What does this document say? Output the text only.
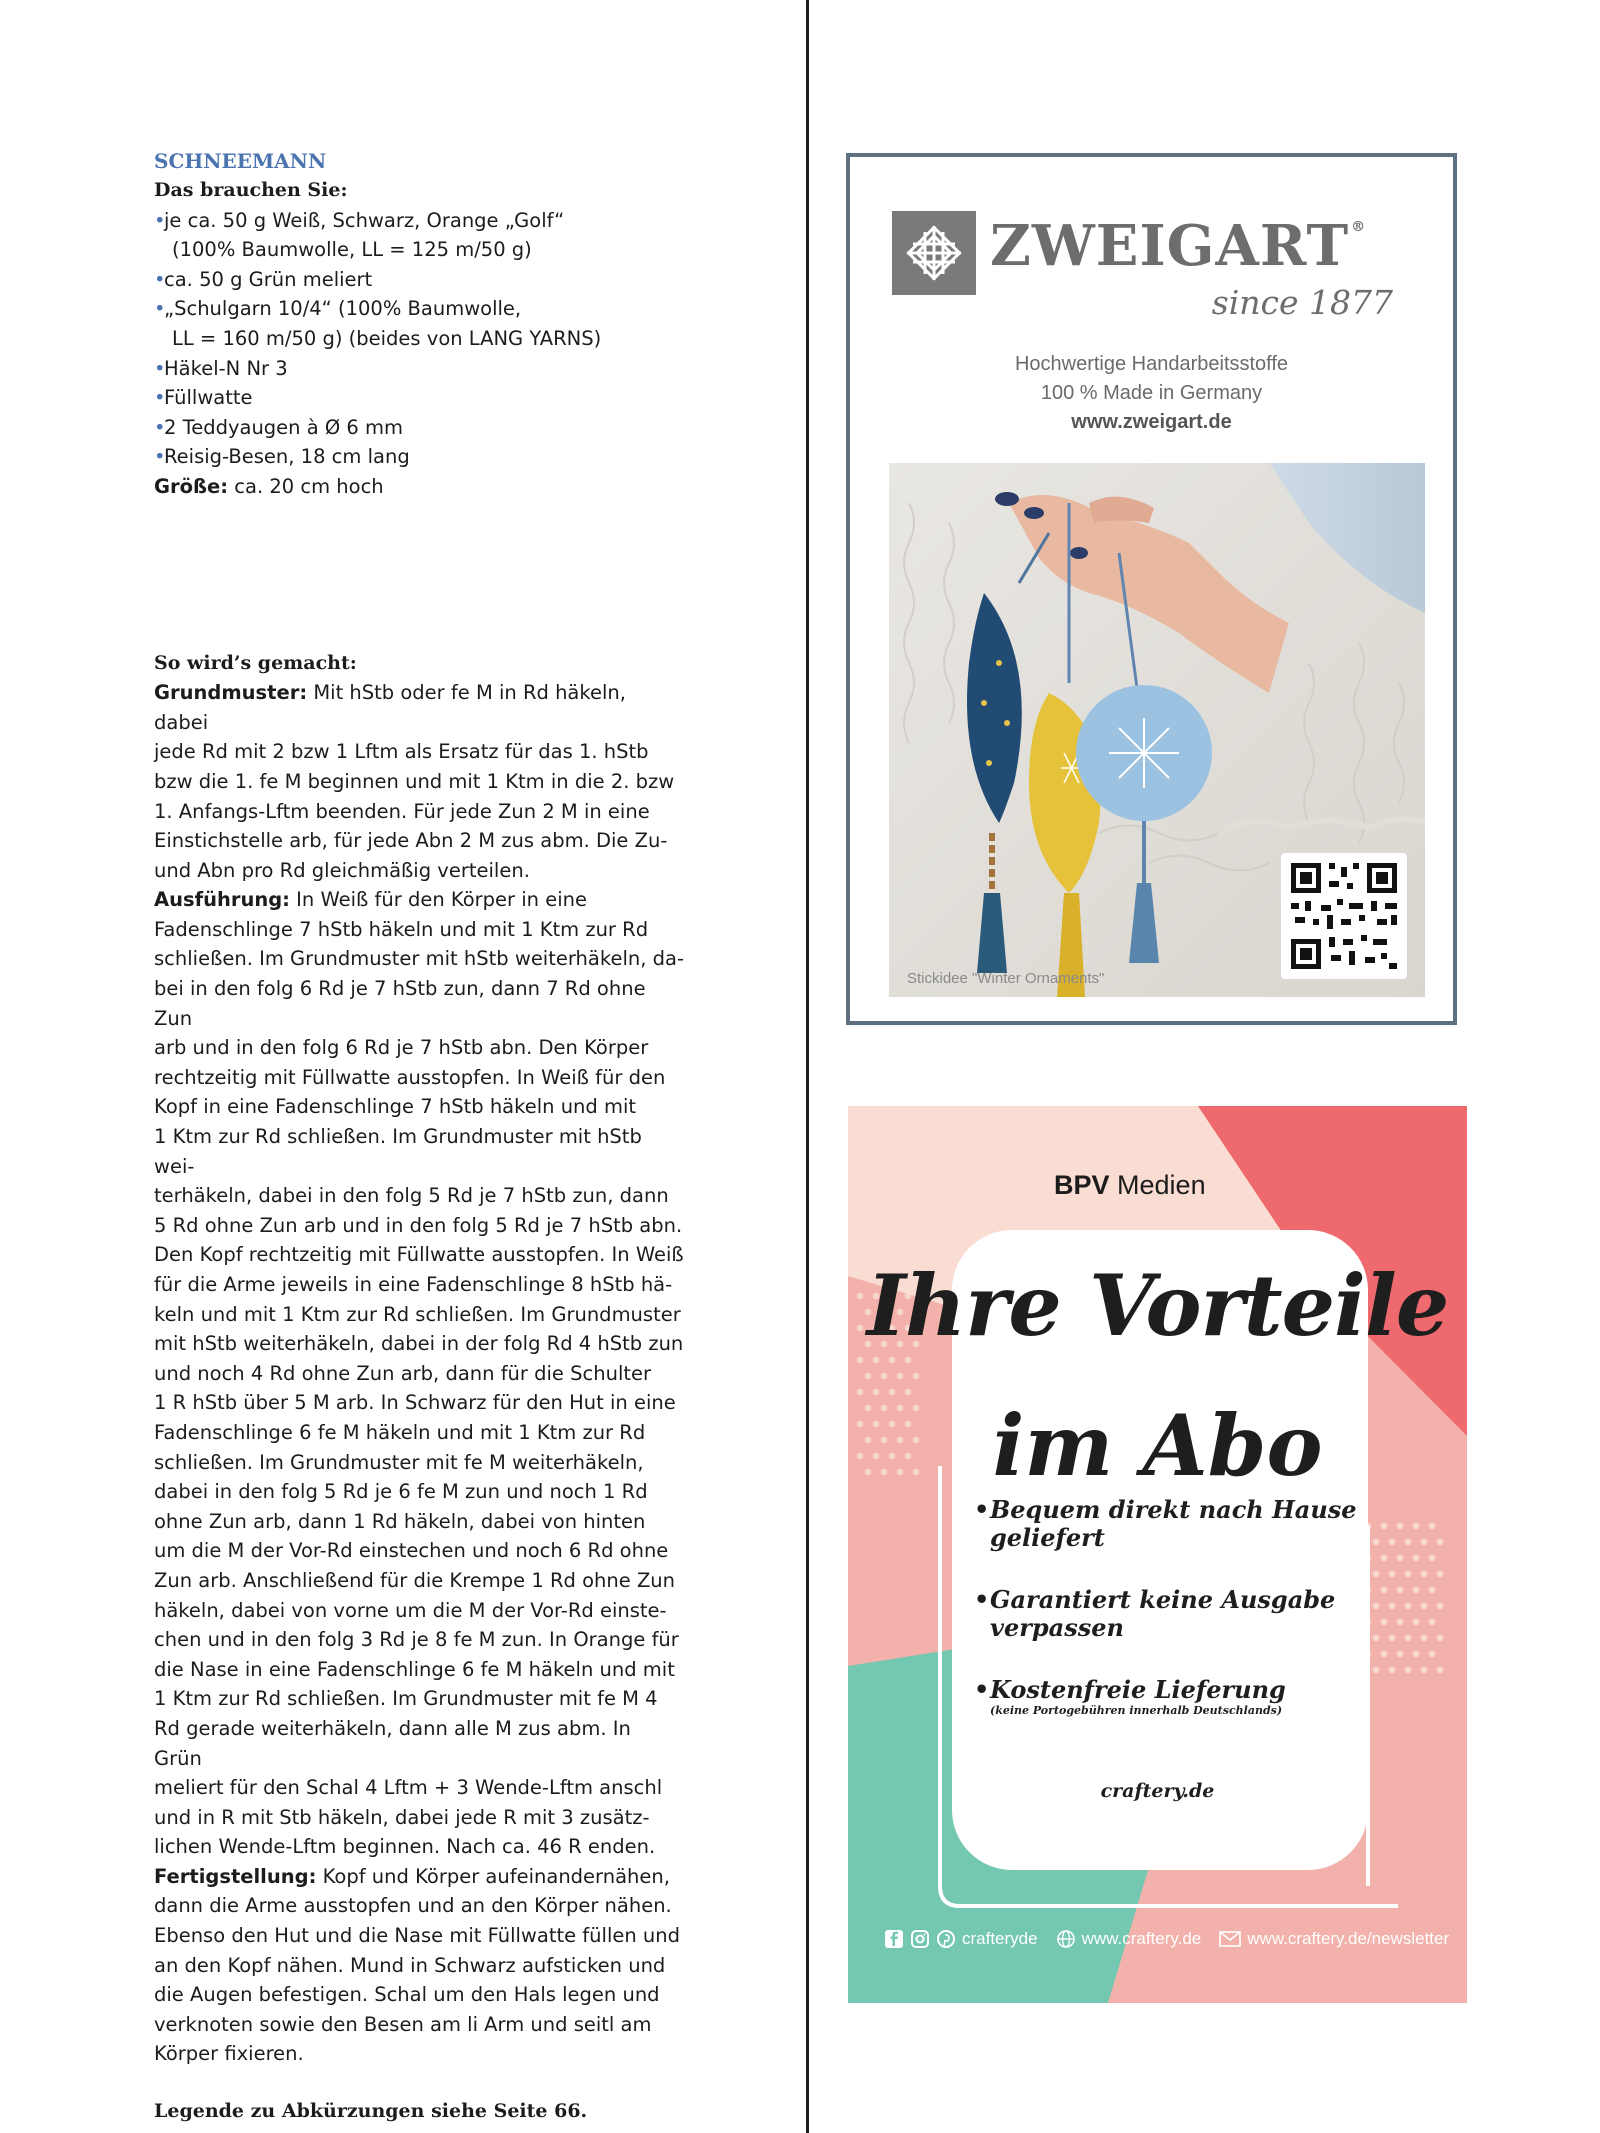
SCHNEEMANN
Das brauchen Sie:
• je ca. 50 g Weiß, Schwarz, Orange „Golf“
(100% Baumwolle, LL = 125 m/50 g)
• ca. 50 g Grün meliert
• „Schulgarn 10/4“ (100% Baumwolle,
LL = 160 m/50 g) (beides von LANG YARNS)
• Häkel-N Nr 3
• Füllwatte
• 2 Teddyaugen à Ø 6 mm
• Reisig-Besen, 18 cm lang
Größe: ca. 20 cm hoch
So wird’s gemacht:
Grundmuster: Mit hStb oder fe M in Rd häkeln, dabei
jede Rd mit 2 bzw 1 Lftm als Ersatz für das 1. hStb
bzw die 1. fe M beginnen und mit 1 Ktm in die 2. bzw
1. Anfangs-Lftm beenden. Für jede Zun 2 M in eine
Einstichstelle arb, für jede Abn 2 M zus abm. Die Zu-
und Abn pro Rd gleichmäßig verteilen.
Ausführung: In Weiß für den Körper in eine
Fadenschlinge 7 hStb häkeln und mit 1 Ktm zur Rd
schließen. Im Grundmuster mit hStb weiterhäkeln, da-
bei in den folg 6 Rd je 7 hStb zun, dann 7 Rd ohne Zun
arb und in den folg 6 Rd je 7 hStb abn. Den Körper
rechtzeitig mit Füllwatte ausstopfen. In Weiß für den
Kopf in eine Fadenschlinge 7 hStb häkeln und mit
1 Ktm zur Rd schließen. Im Grundmuster mit hStb wei-
terhäkeln, dabei in den folg 5 Rd je 7 hStb zun, dann
5 Rd ohne Zun arb und in den folg 5 Rd je 7 hStb abn.
Den Kopf rechtzeitig mit Füllwatte ausstopfen. In Weiß
für die Arme jeweils in eine Fadenschlinge 8 hStb hä-
keln und mit 1 Ktm zur Rd schließen. Im Grundmuster
mit hStb weiterhäkeln, dabei in der folg Rd 4 hStb zun
und noch 4 Rd ohne Zun arb, dann für die Schulter
1 R hStb über 5 M arb. In Schwarz für den Hut in eine
Fadenschlinge 6 fe M häkeln und mit 1 Ktm zur Rd
schließen. Im Grundmuster mit fe M weiterhäkeln,
dabei in den folg 5 Rd je 6 fe M zun und noch 1 Rd
ohne Zun arb, dann 1 Rd häkeln, dabei von hinten
um die M der Vor-Rd einstechen und noch 6 Rd ohne
Zun arb. Anschließend für die Krempe 1 Rd ohne Zun
häkeln, dabei von vorne um die M der Vor-Rd einste-
chen und in den folg 3 Rd je 8 fe M zun. In Orange für
die Nase in eine Fadenschlinge 6 fe M häkeln und mit
1 Ktm zur Rd schließen. Im Grundmuster mit fe M 4
Rd gerade weiterhäkeln, dann alle M zus abm. In Grün
meliert für den Schal 4 Lftm + 3 Wende-Lftm anschl
und in R mit Stb häkeln, dabei jede R mit 3 zusätz-
lichen Wende-Lftm beginnen. Nach ca. 46 R enden.
Fertigstellung: Kopf und Körper aufeinandernähen,
dann die Arme ausstopfen und an den Körper nähen.
Ebenso den Hut und die Nase mit Füllwatte füllen und
an den Kopf nähen. Mund in Schwarz aufsticken und
die Augen befestigen. Schal um den Hals legen und
verknoten sowie den Besen am li Arm und seitl am
Körper fixieren.
Legende zu Abkürzungen siehe Seite 66.
ZWEIGART ®
since 1877
Hochwertige Handarbeitsstoffe
100 % Made in Germany
www.zweigart.de
Stickidee "Winter Ornaments"
BPV Medien
Ihre Vorteile
im Abo
• Bequem direkt nach Hause geliefert
• Garantiert keine Ausgabe verpassen
• Kostenfreie Lieferung
(keine Portogebühren innerhalb Deutschlands)
craftery.de
crafteryde	www.craftery.de	www.craftery.de/newsletter
